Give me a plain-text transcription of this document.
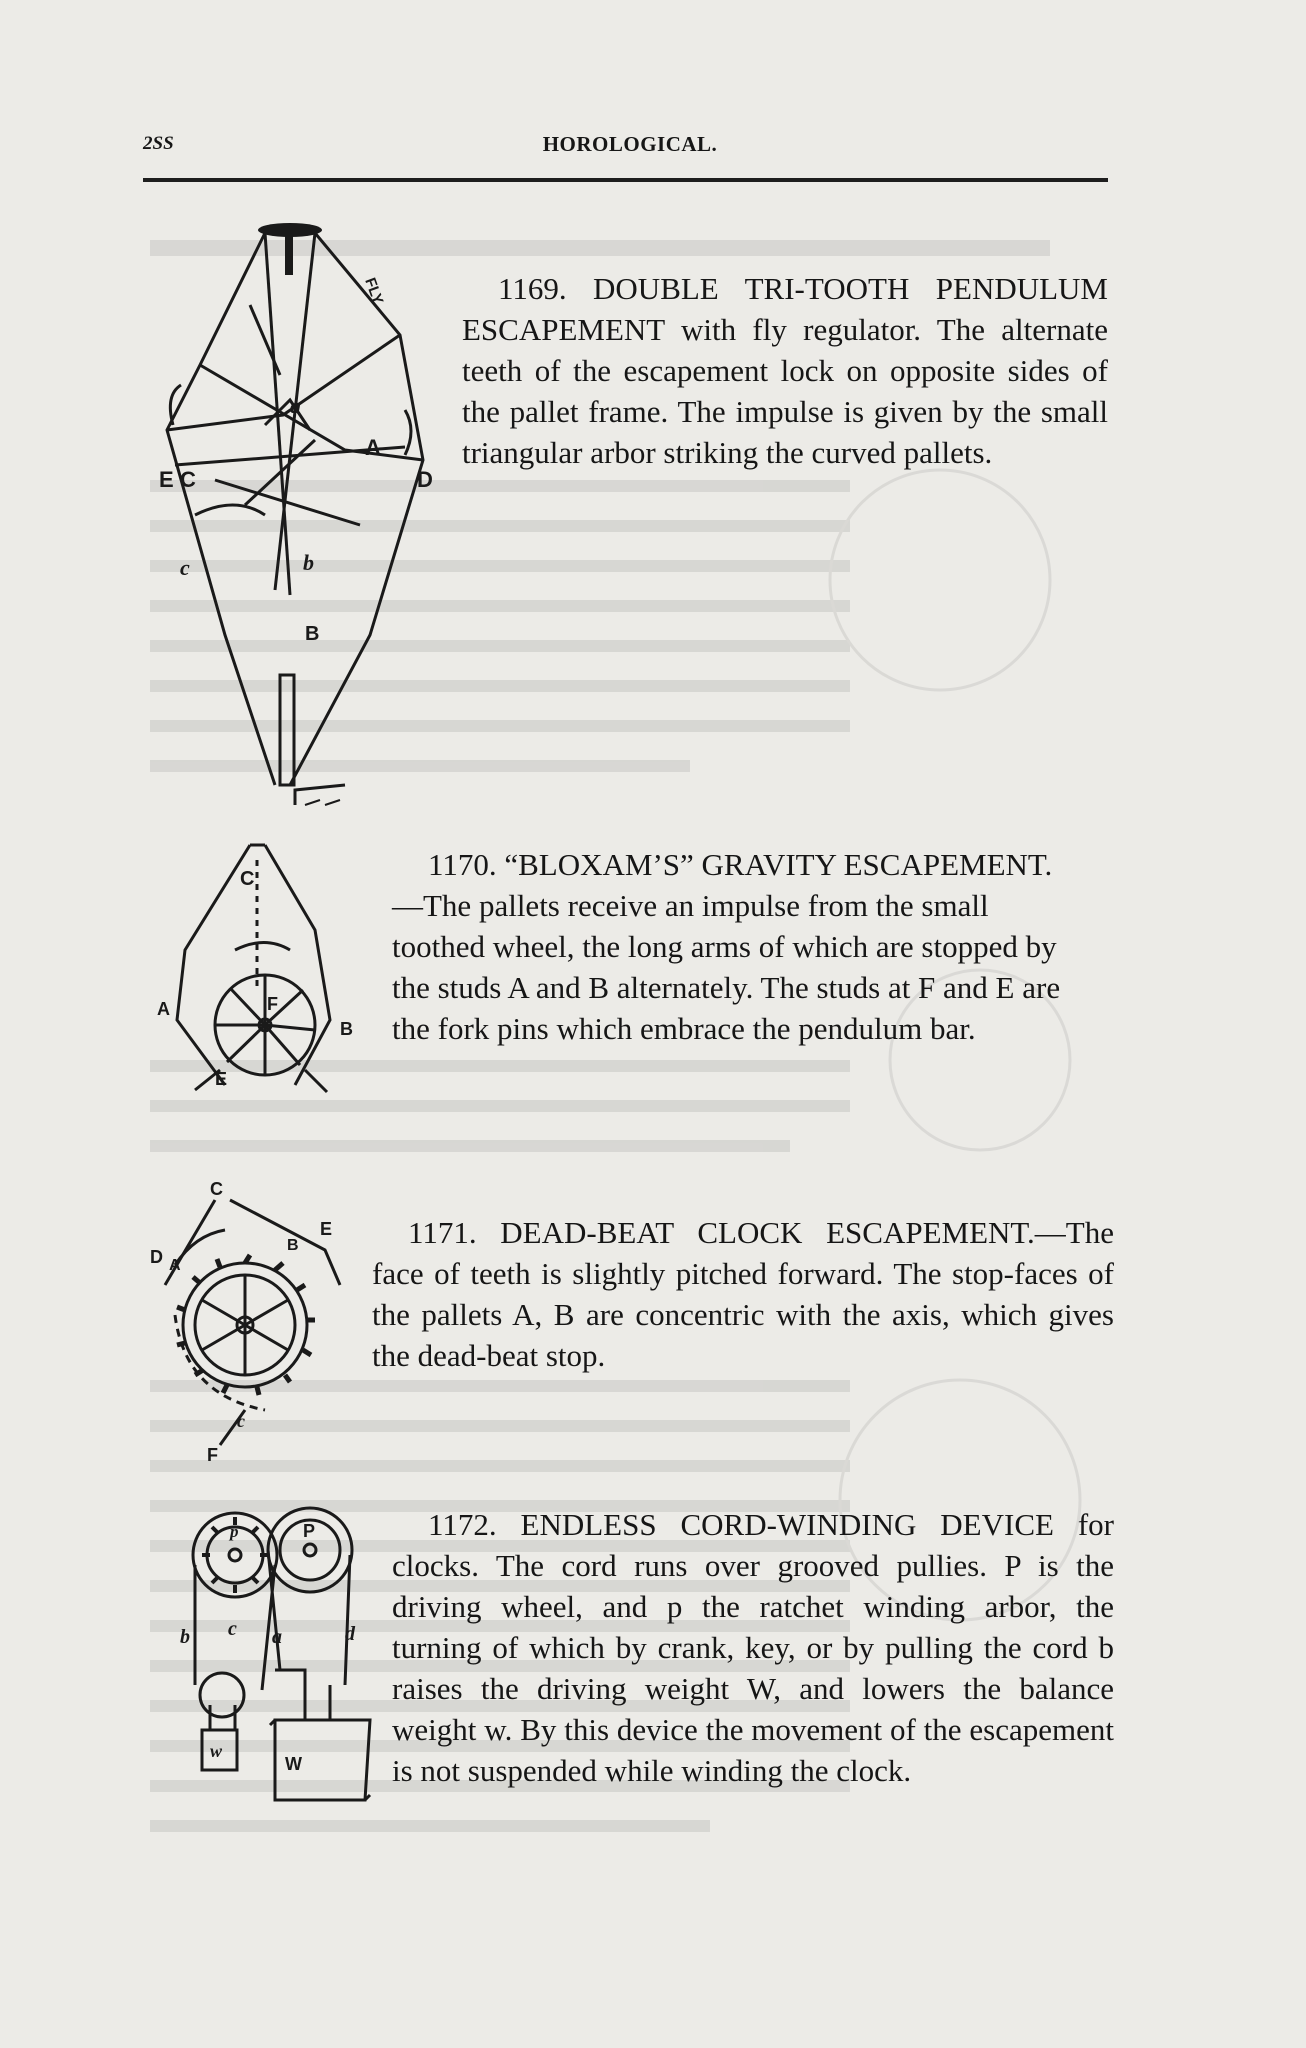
2SS	HOROLOGICAL.
FLY
a
A
E C	D
b
c
B
1169. DOUBLE TRI-TOOTH PENDULUM ESCAPEMENT with fly regulator. The alternate teeth of the escapement lock on opposite sides of the pallet frame. The impulse is given by the small triangular arbor striking the curved pallets.
C
A
B
F
E
1170. “BLOXAM’S” GRAVITY ESCAPEMENT.—The pallets receive an impulse from the small toothed wheel, the long arms of which are stopped by the studs A and B alternately. The studs at F and E are the fork pins which embrace the pendulum bar.
C
E
D A
B
c
F
1171. DEAD-BEAT CLOCK ESCAPEMENT.—The face of teeth is slightly pitched forward. The stop-faces of the pallets A, B are concentric with the axis, which gives the dead-beat stop.
p	P
b c a	d
w
W
1172. ENDLESS CORD-WINDING DEVICE for clocks. The cord runs over grooved pullies. P is the driving wheel, and p the ratchet winding arbor, the turning of which by crank, key, or by pulling the cord b raises the driving weight W, and lowers the balance weight w. By this device the movement of the escapement is not suspended while winding the clock.
